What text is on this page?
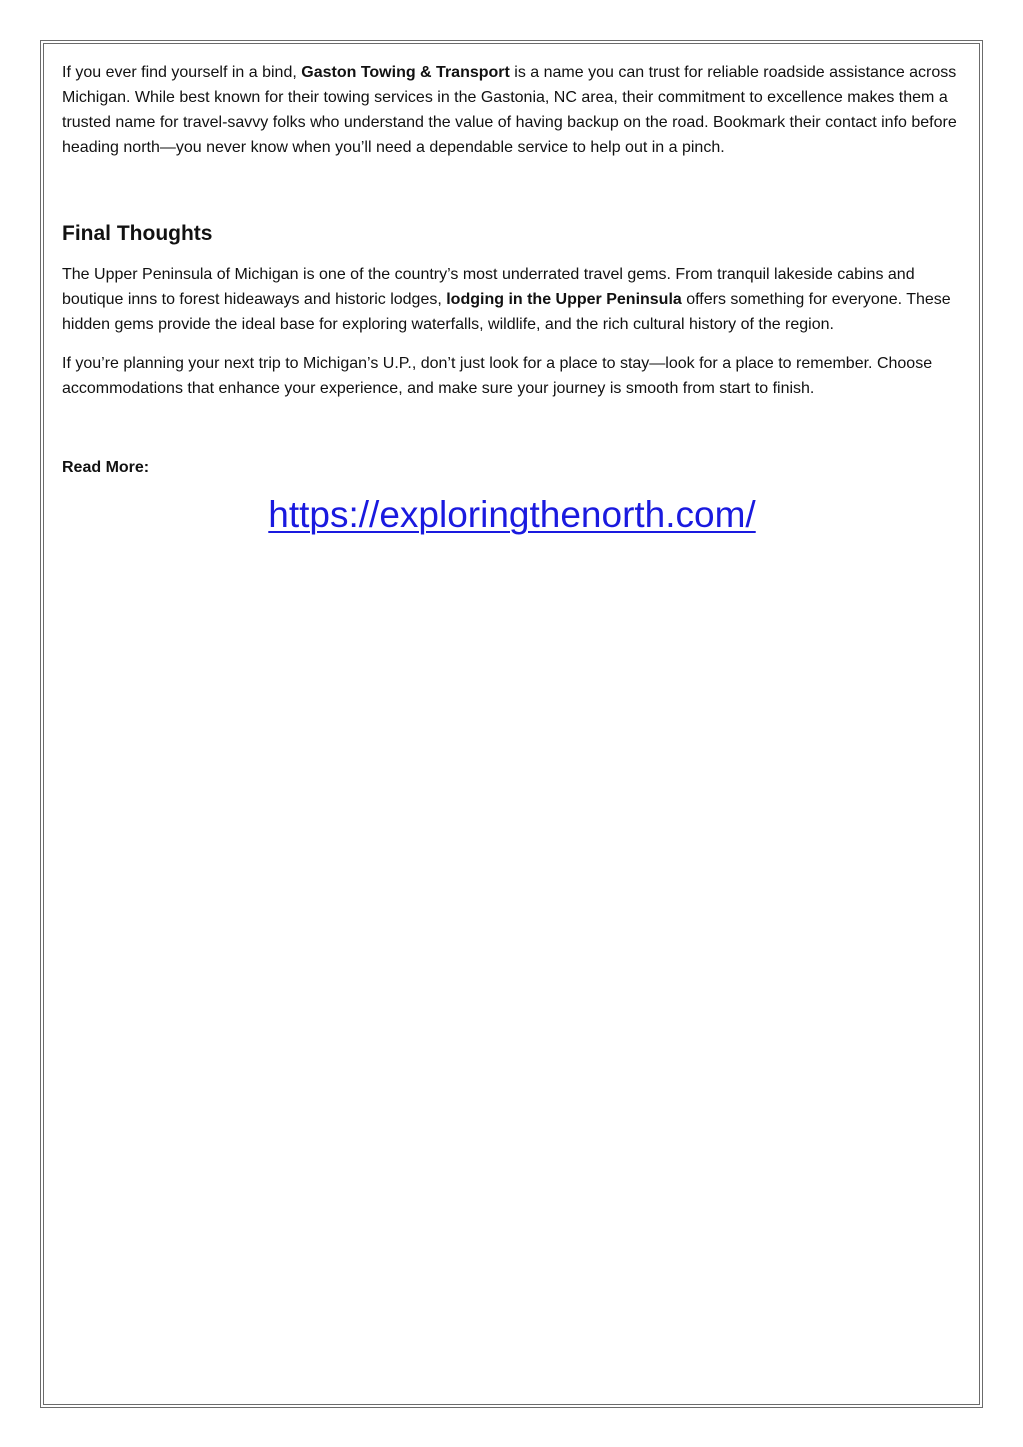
If you ever find yourself in a bind, Gaston Towing & Transport is a name you can trust for reliable roadside assistance across Michigan. While best known for their towing services in the Gastonia, NC area, their commitment to excellence makes them a trusted name for travel-savvy folks who understand the value of having backup on the road. Bookmark their contact info before heading north—you never know when you’ll need a dependable service to help out in a pinch.

Final Thoughts

The Upper Peninsula of Michigan is one of the country’s most underrated travel gems. From tranquil lakeside cabins and boutique inns to forest hideaways and historic lodges, lodging in the Upper Peninsula offers something for everyone. These hidden gems provide the ideal base for exploring waterfalls, wildlife, and the rich cultural history of the region.

If you’re planning your next trip to Michigan’s U.P., don’t just look for a place to stay—look for a place to remember. Choose accommodations that enhance your experience, and make sure your journey is smooth from start to finish.

Read More:

https://exploringthenorth.com/
